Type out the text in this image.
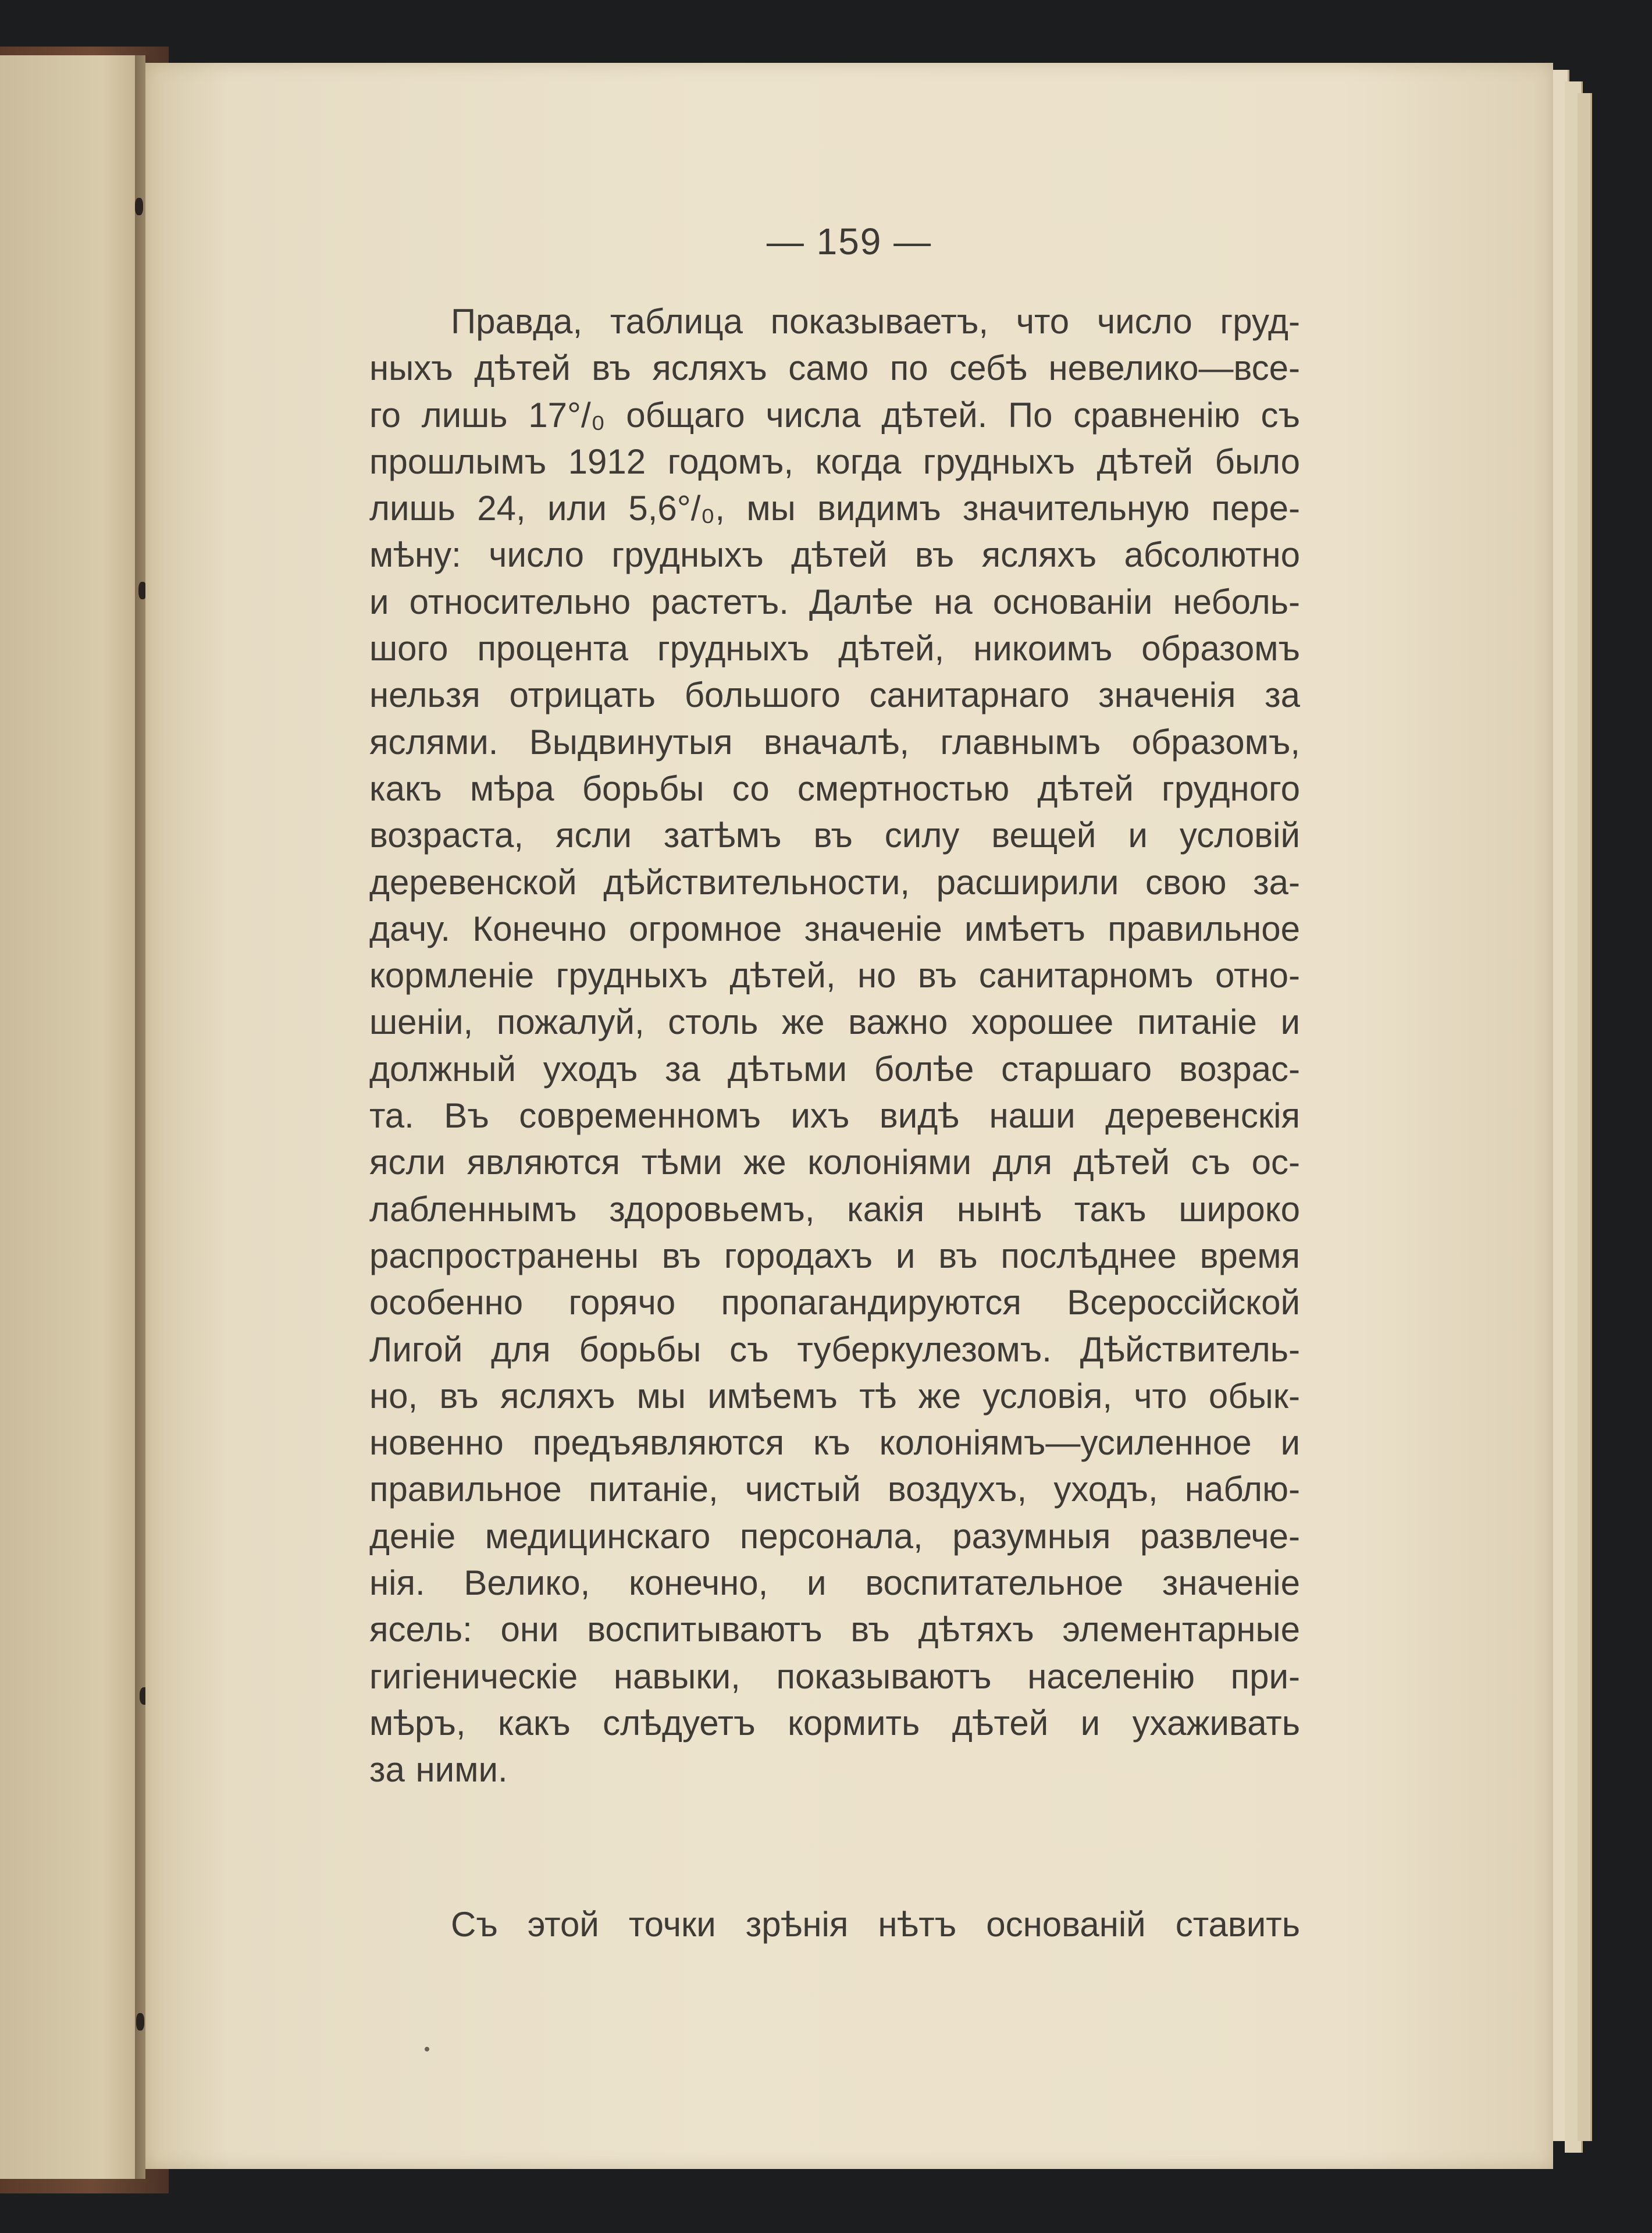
— 159 —
Правда, таблица показываетъ, что число груд-
ныхъ дѣтей въ ясляхъ само по себѣ невелико—все-
го лишь 17°/₀ общаго числа дѣтей. По сравненію съ
прошлымъ 1912 годомъ, когда грудныхъ дѣтей было
лишь 24, или 5,6°/₀, мы видимъ значительную пере-
мѣну: число грудныхъ дѣтей въ ясляхъ абсолютно
и относительно растетъ. Далѣе на основаніи неболь-
шого процента грудныхъ дѣтей, никоимъ образомъ
нельзя отрицать большого санитарнаго значенія за
яслями. Выдвинутыя вначалѣ, главнымъ образомъ,
какъ мѣра борьбы со смертностью дѣтей грудного
возраста, ясли затѣмъ въ силу вещей и условій
деревенской дѣйствительности, расширили свою за-
дачу. Конечно огромное значеніе имѣетъ правильное
кормленіе грудныхъ дѣтей, но въ санитарномъ отно-
шеніи, пожалуй, столь же важно хорошее питаніе и
должный уходъ за дѣтьми болѣе старшаго возрас-
та. Въ современномъ ихъ видѣ наши деревенскія
ясли являются тѣми же колоніями для дѣтей съ ос-
лабленнымъ здоровьемъ, какія нынѣ такъ широко
распространены въ городахъ и въ послѣднее время
особенно горячо пропагандируются Всероссійской
Лигой для борьбы съ туберкулезомъ. Дѣйствитель-
но, въ ясляхъ мы имѣемъ тѣ же условія, что обык-
новенно предъявляются къ колоніямъ—усиленное и
правильное питаніе, чистый воздухъ, уходъ, наблю-
деніе медицинскаго персонала, разумныя развлече-
нія. Велико, конечно, и воспитательное значеніе
ясель: они воспитываютъ въ дѣтяхъ элементарные
гигіеническіе навыки, показываютъ населенію при-
мѣръ, какъ слѣдуетъ кормить дѣтей и ухаживать
за ними.
Съ этой точки зрѣнія нѣтъ основаній ставить
